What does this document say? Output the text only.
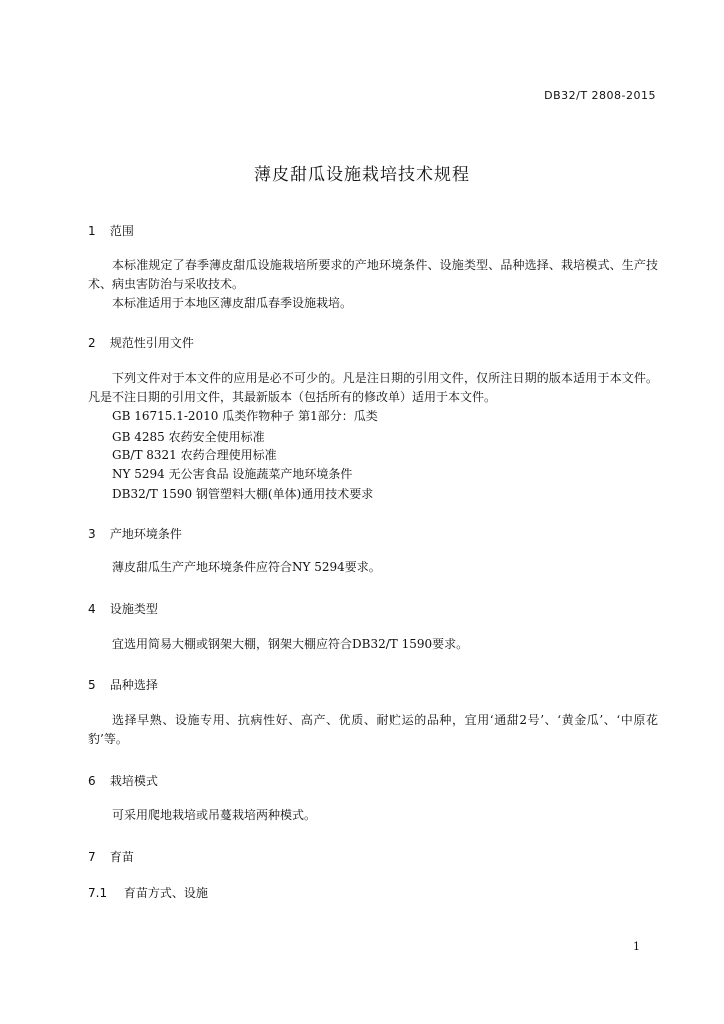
DB32/T 2808-2015
薄皮甜瓜设施栽培技术规程
1 范围
本标准规定了春季薄皮甜瓜设施栽培所要求的产地环境条件、设施类型、品种选择、栽培模式、生产技术、病虫害防治与采收技术。
本标准适用于本地区薄皮甜瓜春季设施栽培。
2 规范性引用文件
下列文件对于本文件的应用是必不可少的。凡是注日期的引用文件，仅所注日期的版本适用于本文件。凡是不注日期的引用文件，其最新版本（包括所有的修改单）适用于本文件。
GB 16715.1-2010 瓜类作物种子 第1部分：瓜类
GB 4285 农药安全使用标准
GB/T 8321 农药合理使用标准
NY 5294 无公害食品 设施蔬菜产地环境条件
DB32/T 1590 钢管塑料大棚(单体)通用技术要求
3 产地环境条件
薄皮甜瓜生产产地环境条件应符合NY 5294要求。
4 设施类型
宜选用简易大棚或钢架大棚，钢架大棚应符合DB32/T 1590要求。
5 品种选择
选择早熟、设施专用、抗病性好、高产、优质、耐贮运的品种，宜用‘通甜2号’、‘黄金瓜’、‘中原花豹’等。
6 栽培模式
可采用爬地栽培或吊蔓栽培两种模式。
7 育苗
7.1 育苗方式、设施
1
